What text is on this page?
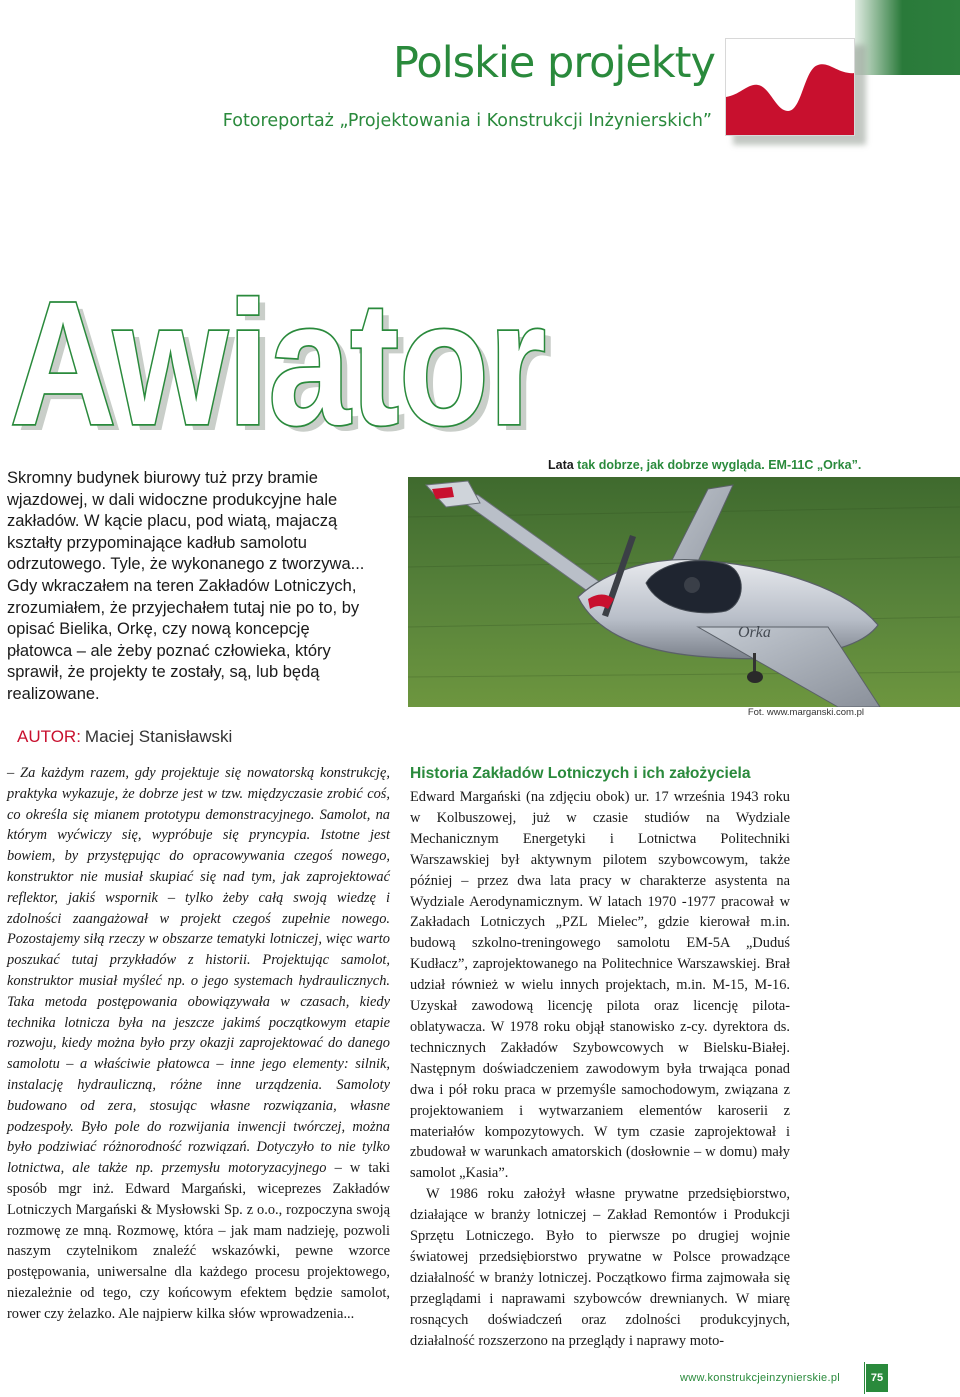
Polskie projekty

Fotoreportaż „Projektowania i Konstrukcji Inżynierskich”

Awiator
Awiator

Skromny budynek biurowy tuż przy bramie wjazdowej, w dali widoczne produkcyjne hale zakładów. W kącie placu, pod wiatą, majaczą kształty przypominające kadłub samolotu odrzutowego. Tyle, że wykonanego z tworzywa... Gdy wkraczałem na teren Zakładów Lotniczych, zrozumiałem, że przyjechałem tutaj nie po to, by opisać Bielika, Orkę, czy nową koncepcję płatowca – ale żeby poznać człowieka, który sprawił, że projekty te zostały, są, lub będą realizowane.

AUTOR: Maciej Stanisławski

– Za każdym razem, gdy projektuje się nowatorską konstrukcję, praktyka wykazuje, że dobrze jest w tzw. międzyczasie zrobić coś, co określa się mianem prototypu demonstracyjnego. Samolot, na którym wyćwiczy się, wypróbuje się pryncypia. Istotne jest bowiem, by przystępując do opracowywania czegoś nowego, konstruktor nie musiał skupiać się nad tym, jak zaprojektować reflektor, jakiś wspornik – tylko żeby całą swoją wiedzę i zdolności zaangażował w projekt czegoś zupełnie nowego. Pozostajemy siłą rzeczy w obszarze tematyki lotniczej, więc warto poszukać tutaj przykładów z historii. Projektując samolot, konstruktor musiał myśleć np. o jego systemach hydraulicznych. Taka metoda postępowania obowiązywała w czasach, kiedy technika lotnicza była na jeszcze jakimś początkowym etapie rozwoju, kiedy można było przy okazji zaprojektować do danego samolotu – a właściwie płatowca – inne jego elementy: silnik, instalację hydrauliczną, różne inne urządzenia. Samoloty budowano od zera, stosując własne rozwiązania, własne podzespoły. Było pole do rozwijania inwencji twórczej, można było podziwiać różnorodność rozwiązań. Dotyczyło to nie tylko lotnictwa, ale także np. przemysłu motoryzacyjnego – w taki sposób mgr inż. Edward Margański, wiceprezes Zakładów Lotniczych Margański & Mysłowski Sp. z o.o., rozpoczyna swoją rozmowę ze mną. Rozmowę, która – jak mam nadzieję, pozwoli naszym czytelnikom znaleźć wskazówki, pewne wzorce postępowania, uniwersalne dla każdego procesu projektowego, niezależnie od tego, czy końcowym efektem będzie samolot, rower czy żelazko. Ale najpierw kilka słów wprowadzenia...

Lata tak dobrze, jak dobrze wygląda. EM-11C „Orka”.

Orka

Fot. www.marganski.com.pl

Historia Zakładów Lotniczych i ich założyciela

Edward Margański (na zdjęciu obok) ur. 17 września 1943 roku w Kolbuszowej, już w czasie studiów na Wydziale Mechanicznym Energetyki i Lotnictwa Politechniki Warszawskiej był aktywnym pilotem szybowcowym, także później – przez dwa lata pracy w charakterze asystenta na Wydziale Aerodynamicznym. W latach 1970 -1977 pracował w Zakładach Lotniczych „PZL Mielec”, gdzie kierował m.in. budową szkolno-treningowego samolotu EM-5A „Duduś Kudłacz”, zaprojektowanego na Politechnice Warszawskiej. Brał udział również w wielu innych projektach, m.in. M-15, M-16. Uzyskał zawodową licencję pilota oraz licencję pilota-oblatywacza. W 1978 roku objął stanowisko z-cy. dyrektora ds. technicznych Zakładów Szybowcowych w Bielsku-Białej. Następnym doświadczeniem zawodowym była trwająca ponad dwa i pół roku praca w przemyśle samochodowym, związana z projektowaniem i wytwarzaniem elementów karoserii z materiałów kompozytowych. W tym czasie zaprojektował i zbudował w warunkach amatorskich (dosłownie – w domu) mały samolot „Kasia”.

W 1986 roku założył własne prywatne przedsiębiorstwo, działające w branży lotniczej – Zakład Remontów i Produkcji Sprzętu Lotniczego. Było to pierwsze po drugiej wojnie światowej przedsiębiorstwo prywatne w Polsce prowadzące działalność w branży lotniczej. Początkowo firma zajmowała się przeglądami i naprawami szybowców drewnianych. W miarę rosnących doświadczeń oraz zdolności produkcyjnych, działalność rozszerzono na przeglądy i naprawy moto-

www.konstrukcjeinzynierskie.pl	75
